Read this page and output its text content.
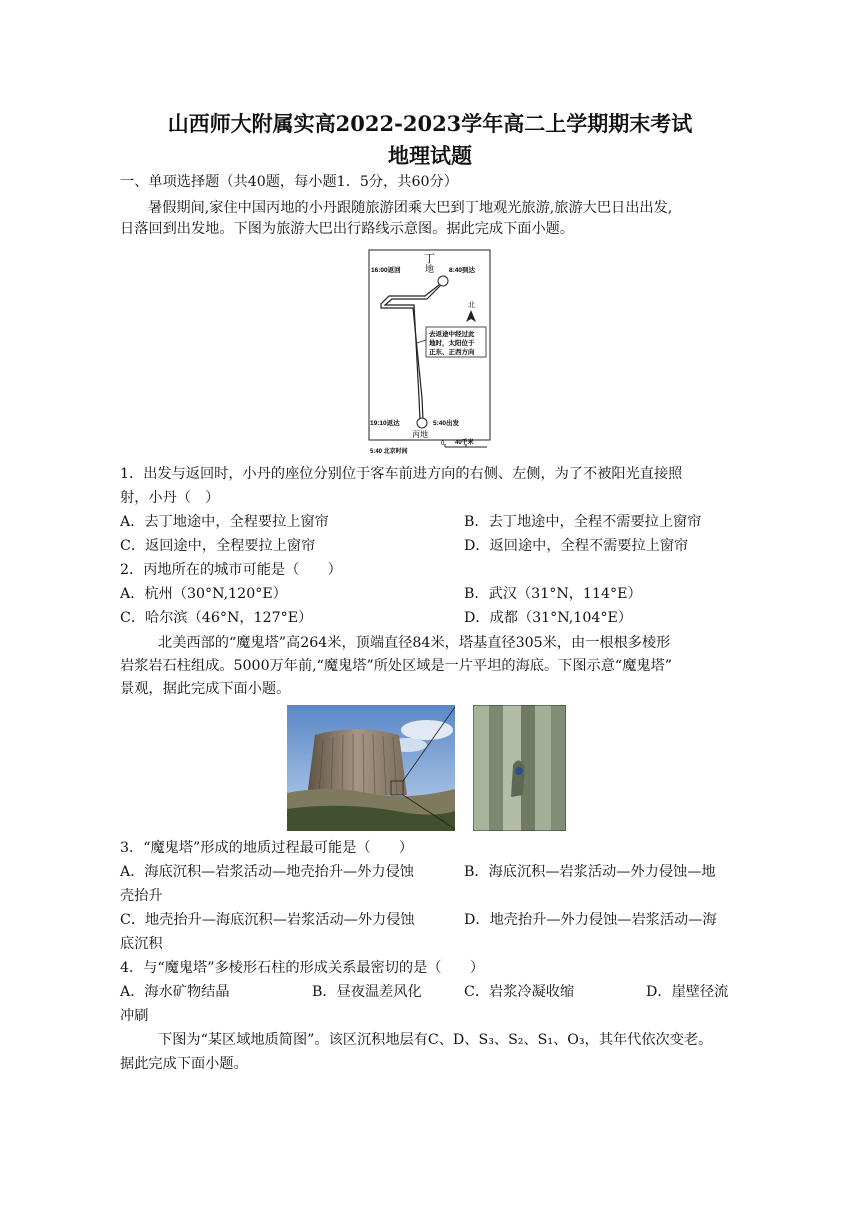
山西师大附属实高2022-2023学年高二上学期期末考试
地理试题
一、单项选择题（共40题，每小题1．5分，共60分）
暑假期间,家住中国丙地的小丹跟随旅游团乘大巴到丁地观光旅游,旅游大巴日出出发,
日落回到出发地。下图为旅游大巴出行路线示意图。据此完成下面小题。
丁
16:00返回	地 8:40到达
北
去返途中经过此
地时，太阳位于
正东、正西方向
19:10返达	5:40出发
丙地
5:40 北京时间
0 40千米
1．出发与返回时，小丹的座位分别位于客车前进方向的右侧、左侧，为了不被阳光直接照
射，小丹（　）
A．去丁地途中，全程要拉上窗帘	B．去丁地途中，全程不需要拉上窗帘
C．返回途中，全程要拉上窗帘	D．返回途中，全程不需要拉上窗帘
2．丙地所在的城市可能是（　　）
A．杭州（30°N,120°E）	B．武汉（31°N，114°E）
C．哈尔滨（46°N，127°E）	D．成都（31°N,104°E）
北美西部的“魔鬼塔”高264米，顶端直径84米，塔基直径305米，由一根根多棱形
岩浆岩石柱组成。5000万年前,“魔鬼塔”所处区域是一片平坦的海底。下图示意“魔鬼塔”
景观，据此完成下面小题。
3．“魔鬼塔”形成的地质过程最可能是（　　）
A．海底沉积—岩浆活动—地壳抬升—外力侵蚀	B．海底沉积—岩浆活动—外力侵蚀—地
壳抬升
C．地壳抬升—海底沉积—岩浆活动—外力侵蚀	D．地壳抬升—外力侵蚀—岩浆活动—海
底沉积
4．与“魔鬼塔”多棱形石柱的形成关系最密切的是（　　）
A．海水矿物结晶	B．昼夜温差风化	C．岩浆冷凝收缩	D．崖壁径流
冲刷
下图为“某区域地质简图”。该区沉积地层有C、D、S₃、S₂、S₁、O₃，其年代依次变老。
据此完成下面小题。
